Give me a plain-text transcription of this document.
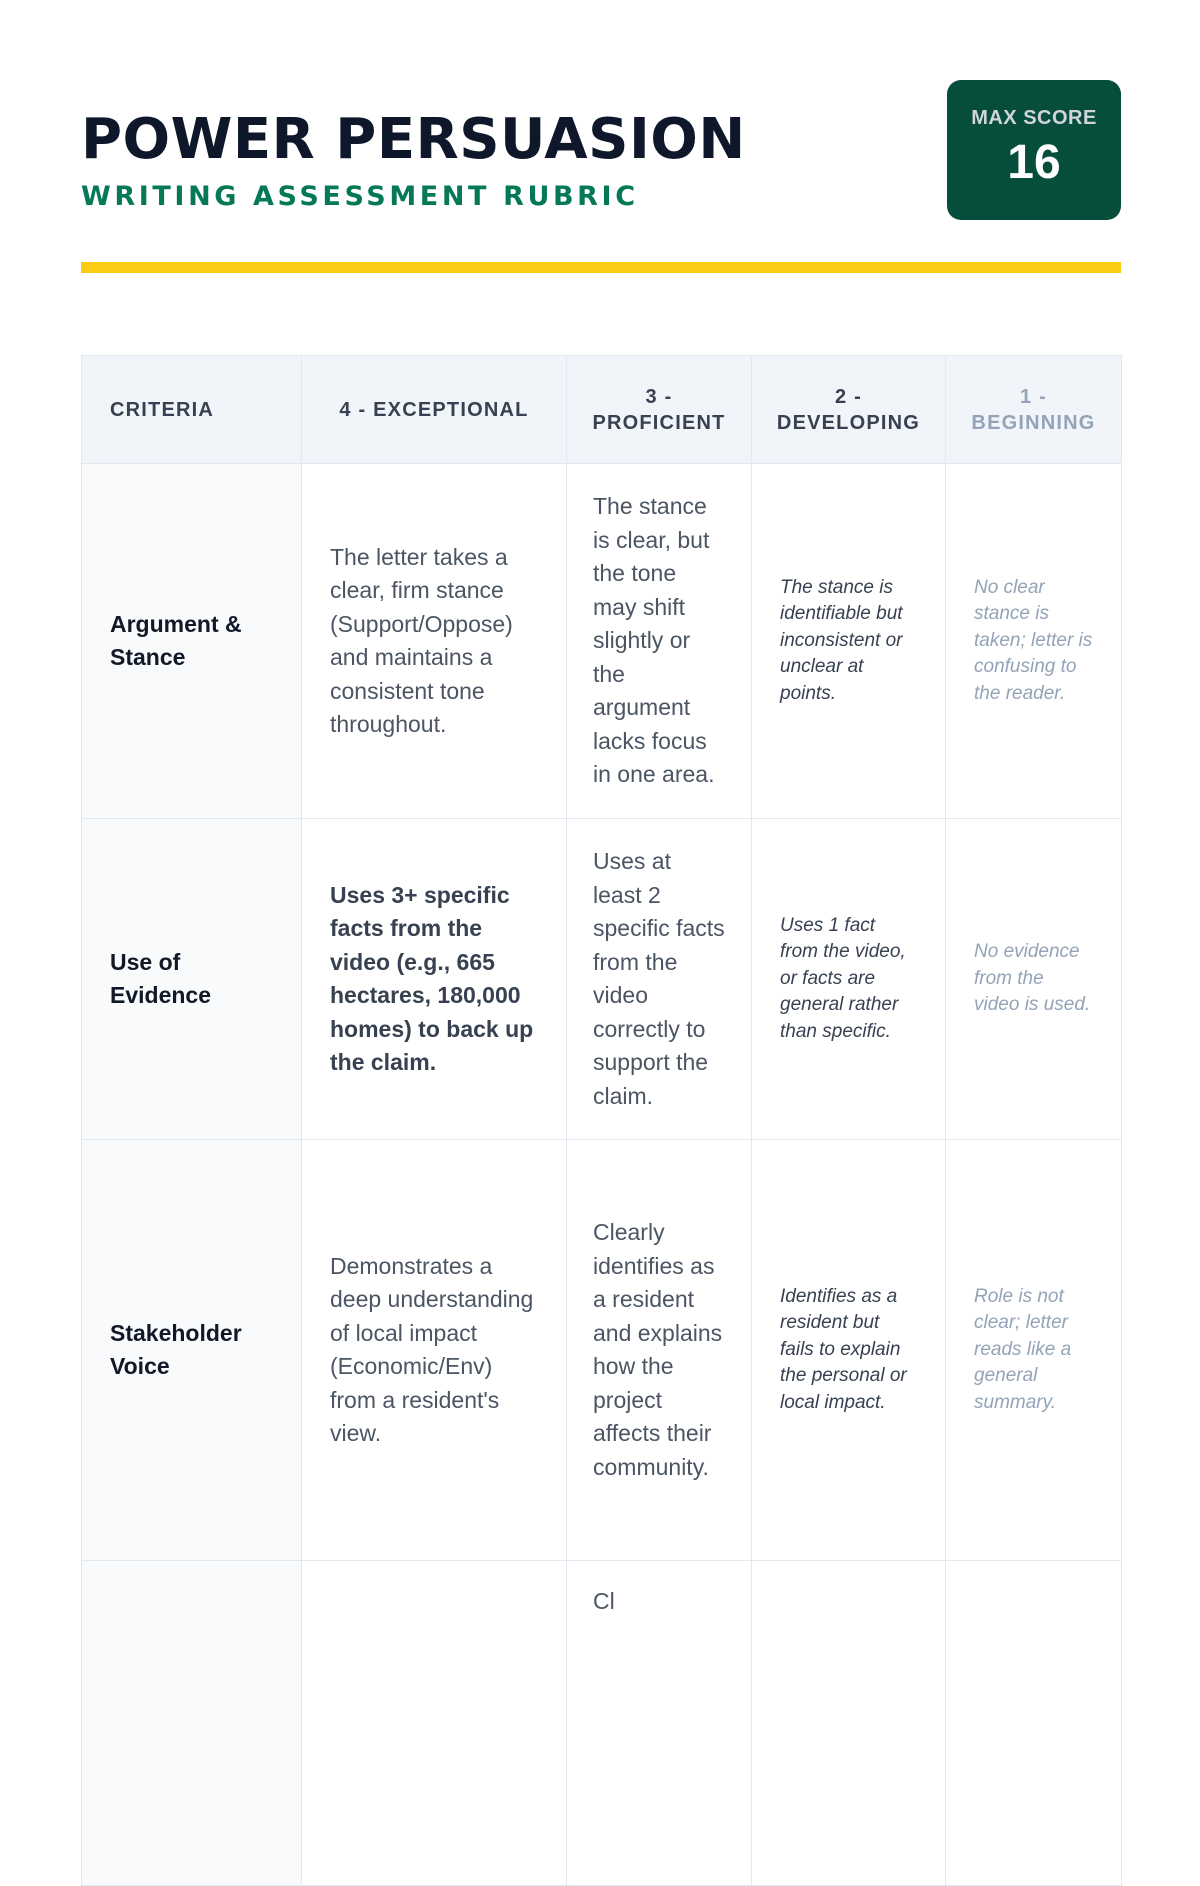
POWER PERSUASION
WRITING ASSESSMENT RUBRIC
MAX SCORE
16
CRITERIA	4 - EXCEPTIONAL	3 - PROFICIENT	2 - DEVELOPING	1 - BEGINNING
Argument & Stance	The letter takes a clear, firm stance (Support/Oppose) and maintains a consistent tone throughout.	The stance is clear, but the tone may shift slightly or the argument lacks focus in one area.	The stance is identifiable but inconsistent or unclear at points.	No clear stance is taken; letter is confusing to the reader.
Use of Evidence	Uses 3+ specific facts from the video (e.g., 665 hectares, 180,000 homes) to back up the claim.	Uses at least 2 specific facts from the video correctly to support the claim.	Uses 1 fact from the video, or facts are general rather than specific.	No evidence from the video is used.
Stakeholder Voice	Demonstrates a deep understanding of local impact (Economic/Env) from a resident's view.	Clearly identifies as a resident and explains how the project affects their community.	Identifies as a resident but fails to explain the personal or local impact.	Role is not clear; letter reads like a general summary.
		Cl		
